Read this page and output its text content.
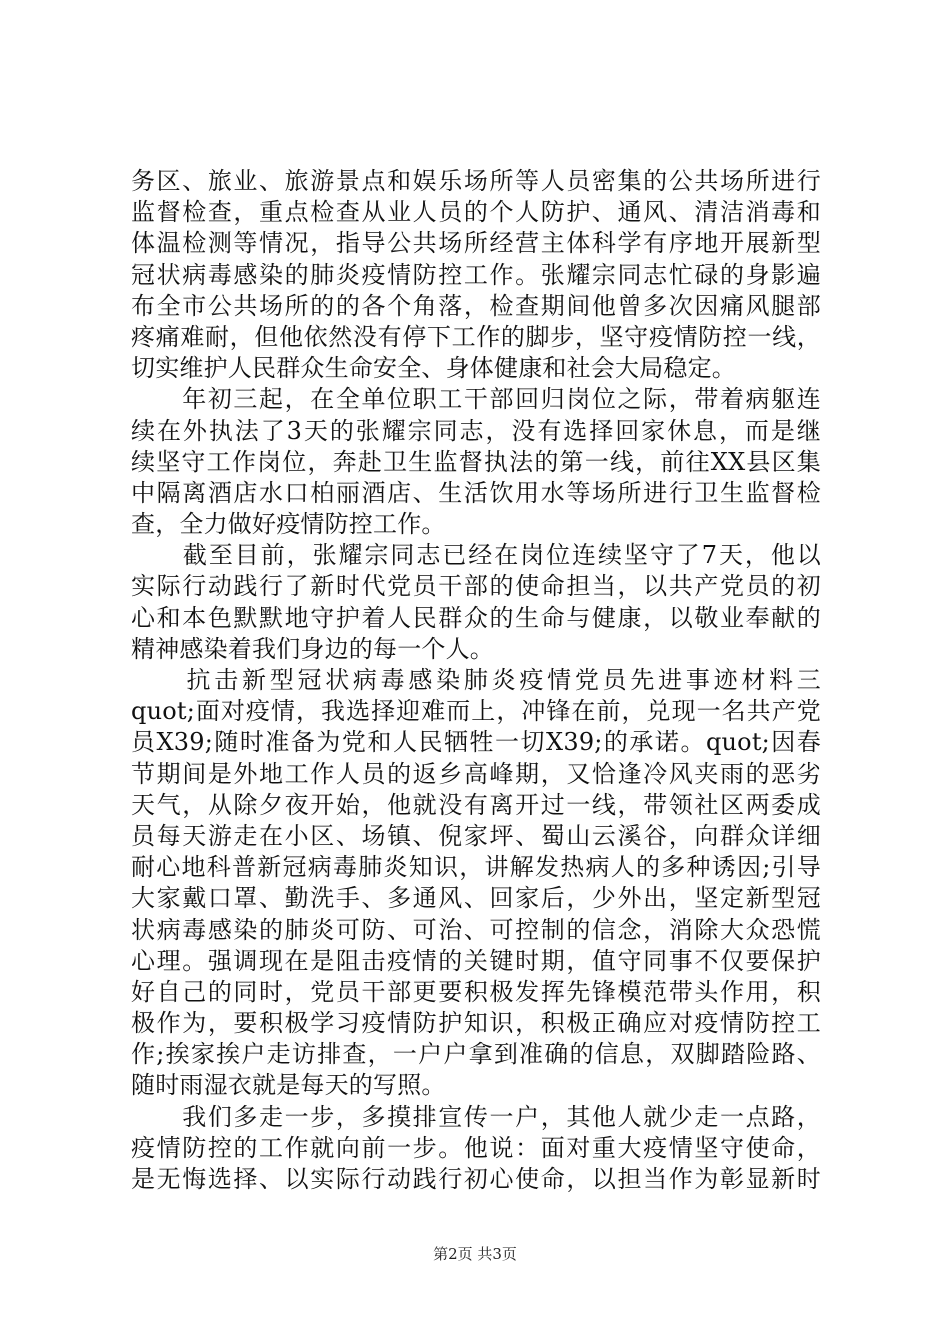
务区、旅业、旅游景点和娱乐场所等人员密集的公共场所进行
监督检查，重点检查从业人员的个人防护、通风、清洁消毒和
体温检测等情况，指导公共场所经营主体科学有序地开展新型
冠状病毒感染的肺炎疫情防控工作。张耀宗同志忙碌的身影遍
布全市公共场所的的各个角落，检查期间他曾多次因痛风腿部
疼痛难耐，但他依然没有停下工作的脚步，坚守疫情防控一线，
切实维护人民群众生命安全、身体健康和社会大局稳定。
　　年初三起，在全单位职工干部回归岗位之际，带着病躯连
续在外执法了3天的张耀宗同志，没有选择回家休息，而是继
续坚守工作岗位，奔赴卫生监督执法的第一线，前往XX县区集
中隔离酒店水口柏丽酒店、生活饮用水等场所进行卫生监督检
查，全力做好疫情防控工作。
　　截至目前，张耀宗同志已经在岗位连续坚守了7天，他以
实际行动践行了新时代党员干部的使命担当，以共产党员的初
心和本色默默地守护着人民群众的生命与健康，以敬业奉献的
精神感染着我们身边的每一个人。
　　抗击新型冠状病毒感染肺炎疫情党员先进事迹材料三
quot;面对疫情，我选择迎难而上，冲锋在前，兑现一名共产党
员X39;随时准备为党和人民牺牲一切X39;的承诺。quot;因春
节期间是外地工作人员的返乡高峰期，又恰逢冷风夹雨的恶劣
天气，从除夕夜开始，他就没有离开过一线，带领社区两委成
员每天游走在小区、场镇、倪家坪、蜀山云溪谷，向群众详细
耐心地科普新冠病毒肺炎知识，讲解发热病人的多种诱因;引导
大家戴口罩、勤洗手、多通风、回家后，少外出，坚定新型冠
状病毒感染的肺炎可防、可治、可控制的信念，消除大众恐慌
心理。强调现在是阻击疫情的关键时期，值守同事不仅要保护
好自己的同时，党员干部更要积极发挥先锋模范带头作用，积
极作为，要积极学习疫情防护知识，积极正确应对疫情防控工
作;挨家挨户走访排查，一户户拿到准确的信息，双脚踏险路、
随时雨湿衣就是每天的写照。
　　我们多走一步，多摸排宣传一户，其他人就少走一点路，
疫情防控的工作就向前一步。他说：面对重大疫情坚守使命，
是无悔选择、以实际行动践行初心使命，以担当作为彰显新时
第2页 共3页
